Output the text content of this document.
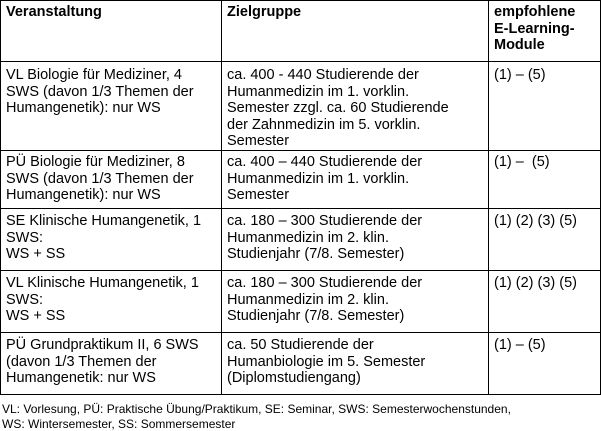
Veranstaltung	Zielgruppe	empfohlene
E-Learning-
Module

VL Biologie für Mediziner, 4
SWS (davon 1/3 Themen der
Humangenetik): nur WS	ca. 400 - 440 Studierende der
Humanmedizin im 1. vorklin.
Semester zzgl. ca. 60 Studierende
der Zahnmedizin im 5. vorklin.
Semester	(1) – (5)

PÜ Biologie für Mediziner, 8
SWS (davon 1/3 Themen der
Humangenetik): nur WS	ca. 400 – 440 Studierende der
Humanmedizin im 1. vorklin.
Semester	(1) –  (5)

SE Klinische Humangenetik, 1
SWS:
WS + SS	ca. 180 – 300 Studierende der
Humanmedizin im 2. klin.
Studienjahr (7/8. Semester)	(1) (2) (3) (5)

VL Klinische Humangenetik, 1
SWS:
WS + SS	ca. 180 – 300 Studierende der
Humanmedizin im 2. klin.
Studienjahr (7/8. Semester)	(1) (2) (3) (5)

PÜ Grundpraktikum II, 6 SWS
(davon 1/3 Themen der
Humangenetik: nur WS	ca. 50 Studierende der
Humanbiologie im 5. Semester
(Diplomstudiengang)	(1) – (5)
VL: Vorlesung, PÜ: Praktische Übung/Praktikum, SE: Seminar, SWS: Semesterwochenstunden,
WS: Wintersemester, SS: Sommersemester
